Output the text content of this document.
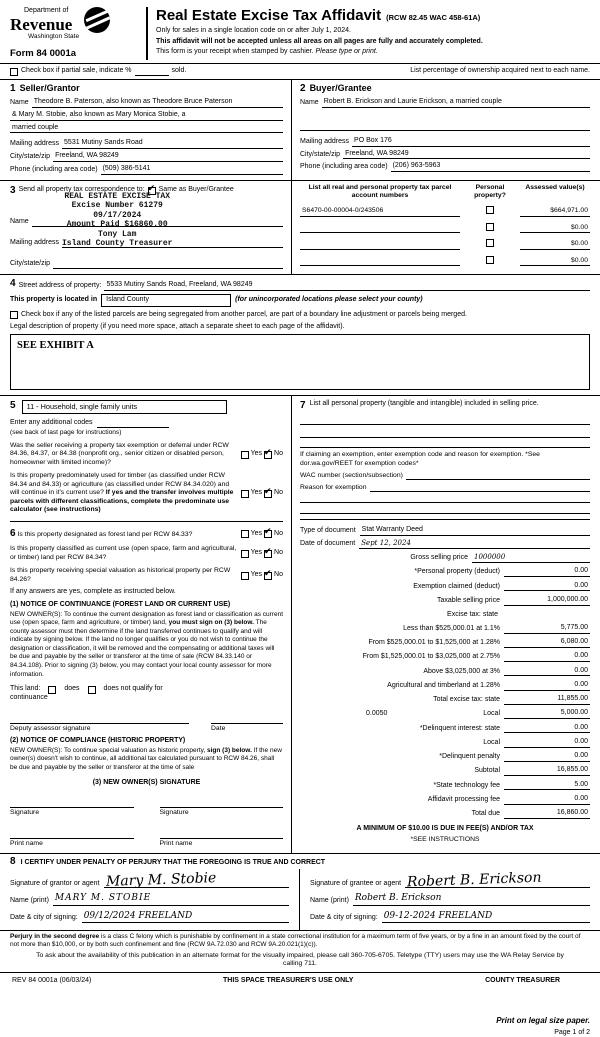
Department of
Revenue
Washington State
Form 84 0001a
Real Estate Excise Tax Affidavit (RCW 82.45 WAC 458-61A)
Only for sales in a single location code on or after July 1, 2024.
This affidavit will not be accepted unless all areas on all pages are fully and accurately completed.
This form is your receipt when stamped by cashier. Please type or print.
Check box if partial sale, indicate %	sold.	List percentage of ownership acquired next to each name.
1 Seller/Grantor
Name Theodore B. Paterson, also known as Theodore Bruce Paterson
& Mary M. Stobie, also known as Mary Monica Stobie, a
married couple
Mailing address 5531 Mutiny Sands Road
City/state/zip Freeland, WA 98249
Phone (including area code) (509) 386-5141
2 Buyer/Grantee
Name Robert B. Erickson and Laurie Erickson, a married couple
Mailing address PO Box 176
City/state/zip Freeland, WA 98249
Phone (including area code) (206) 963-5963
3 Send all property tax correspondence to: ✔ Same as Buyer/Grantee
REAL ESTATE EXCISE TAX
Excise Number 61279
09/17/2024
Amount Paid $16860.00
Tony Lam
Island County Treasurer
Name
Mailing address
City/state/zip
List all real and personal property tax parcel account numbers
Personal property?
Assessed value(s)
S6470-00-00004-0/243506	$664,971.00
$0.00
$0.00
$0.00
4 Street address of property: 5533 Mutiny Sands Road, Freeland, WA 98249
This property is located in	Island County	(for unincorporated locations please select your county)
Check box if any of the listed parcels are being segregated from another parcel, are part of a boundary line adjustment or parcels being merged.
Legal description of property (if you need more space, attach a separate sheet to each page of the affidavit).
SEE EXHIBIT A
5	11 - Household, single family units
Enter any additional codes
(see back of last page for instructions)
Was the seller receiving a property tax exemption or deferral under RCW 84.36, 84.37, or 84.38 (nonprofit org., senior citizen or disabled person, homeowner with limited income)?
Yes ✔ No
Is this property predominately used for timber (as classified under RCW 84.34 and 84.33) or agriculture (as classified under RCW 84.34.020) and will continue in it's current use? If yes and the transfer involves multiple parcels with different classifications, complete the predominate use calculator (see instructions)
Yes ✔ No
6 Is this property designated as forest land per RCW 84.33?	Yes ✔ No
Is this property classified as current use (open space, farm and agricultural, or timber) land per RCW 84.34?
Yes ✔ No
Is this property receiving special valuation as historical property per RCW 84.26?
Yes ✔ No
If any answers are yes, complete as instructed below.
(1) NOTICE OF CONTINUANCE (FOREST LAND OR CURRENT USE)
NEW OWNER(S): To continue the current designation as forest land or classification as current use (open space, farm and agriculture, or timber) land, you must sign on (3) below. The county assessor must then determine if the land transferred continues to qualify and will indicate by signing below. If the land no longer qualifies or you do not wish to continue the designation or classification, it will be removed and the compensating or additional taxes will be due and payable by the seller or transferor at the time of sale (RCW 84.33.140 or 84.34.108). Prior to signing (3) below, you may contact your local county assessor for more information.
This land:	does	does not qualify for
continuance
Deputy assessor signature	Date
(2) NOTICE OF COMPLIANCE (HISTORIC PROPERTY)
NEW OWNER(S): To continue special valuation as historic property, sign (3) below. If the new owner(s) doesn't wish to continue, all additional tax calculated pursuant to RCW 84.26, shall be due and payable by the seller or transferor at the time of sale
(3) NEW OWNER(S) SIGNATURE
Signature	Signature
Print name	Print name
7 List all personal property (tangible and intangible) included in selling price.
If claiming an exemption, enter exemption code and reason for exemption. *See dor.wa.gov/REET for exemption codes*
WAC number (section/subsection)
Reason for exemption
Type of document Stat Warranty Deed
Date of document Sept 12, 2024
Gross selling price 1000000
*Personal property (deduct)	0.00
Exemption claimed (deduct)	0.00
Taxable selling price	1,000,000.00
Excise tax: state
Less than $525,000.01 at 1.1%	5,775.00
From $525,000.01 to $1,525,000 at 1.28%	6,080.00
From $1,525,000.01 to $3,025,000 at 2.75%	0.00
Above $3,025,000 at 3%	0.00
Agricultural and timberland at 1.28%	0.00
Total excise tax: state	11,855.00
0.0050	Local	5,000.00
*Delinquent interest: state	0.00
Local	0.00
*Delinquent penalty	0.00
Subtotal	16,855.00
*State technology fee	5.00
Affidavit processing fee	0.00
Total due	16,860.00
A MINIMUM OF $10.00 IS DUE IN FEE(S) AND/OR TAX
*SEE INSTRUCTIONS
8 I CERTIFY UNDER PENALTY OF PERJURY THAT THE FOREGOING IS TRUE AND CORRECT
Signature of grantor or agent Mary M. Stobie
Name (print) MARY M. STOBIE
Date & city of signing: 09/12/2024 FREELAND
Signature of grantee or agent Robert B. Erickson
Name (print) Robert B. Erickson
Date & city of signing: 09-12-2024 FREELAND
Perjury in the second degree is a class C felony which is punishable by confinement in a state correctional institution for a maximum term of five years, or by a fine in an amount fixed by the court of not more than $10,000, or by both such confinement and fine (RCW 9A.72.030 and RCW 9A.20.021(1)(c)).
To ask about the availability of this publication in an alternate format for the visually impaired, please call 360-705-6705. Teletype (TTY) users may use the WA Relay Service by calling 711.
REV 84 0001a (06/03/24)	THIS SPACE TREASURER'S USE ONLY	COUNTY TREASURER
Print on legal size paper.
Page 1 of 2
